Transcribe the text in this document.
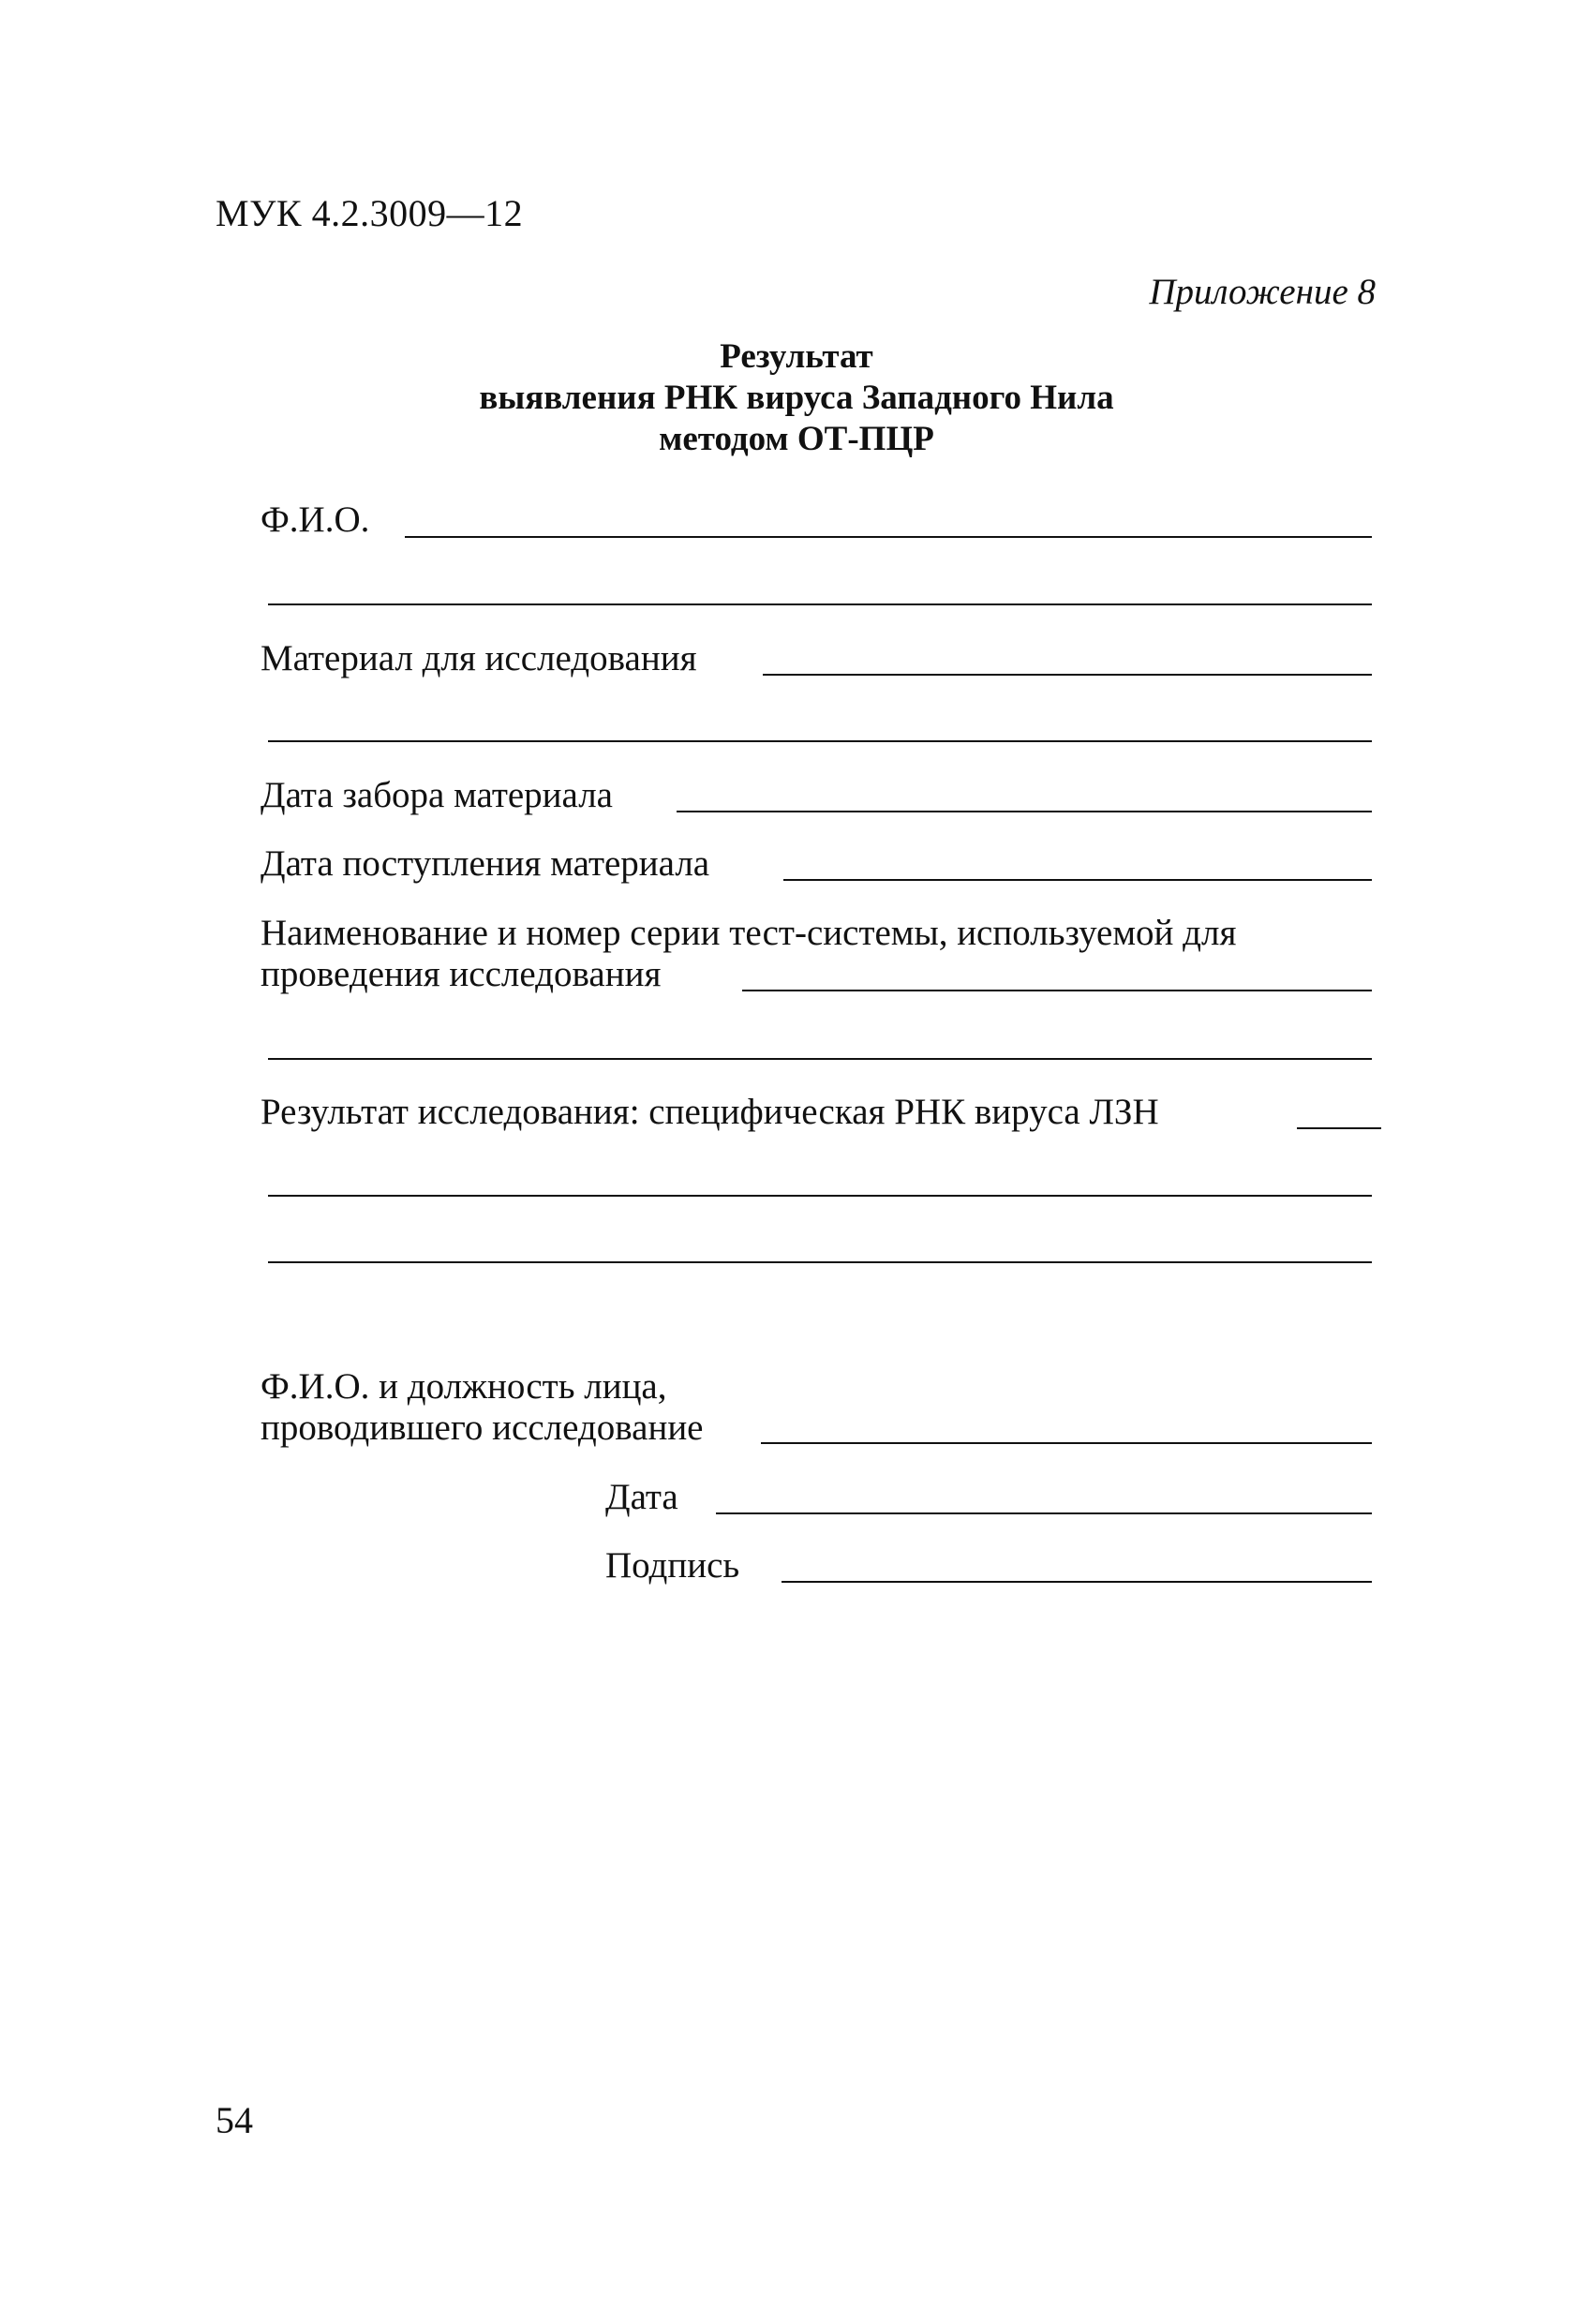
МУК 4.2.3009—12
Приложение 8
Результат
выявления РНК вируса Западного Нила
методом ОТ-ПЦР
Ф.И.О.
Материал для исследования
Дата забора материала
Дата поступления материала
Наименование и номер серии тест-системы, используемой для
проведения исследования
Результат исследования: специфическая РНК вируса ЛЗН
Ф.И.О. и должность лица,
проводившего исследование
Дата
Подпись
54
